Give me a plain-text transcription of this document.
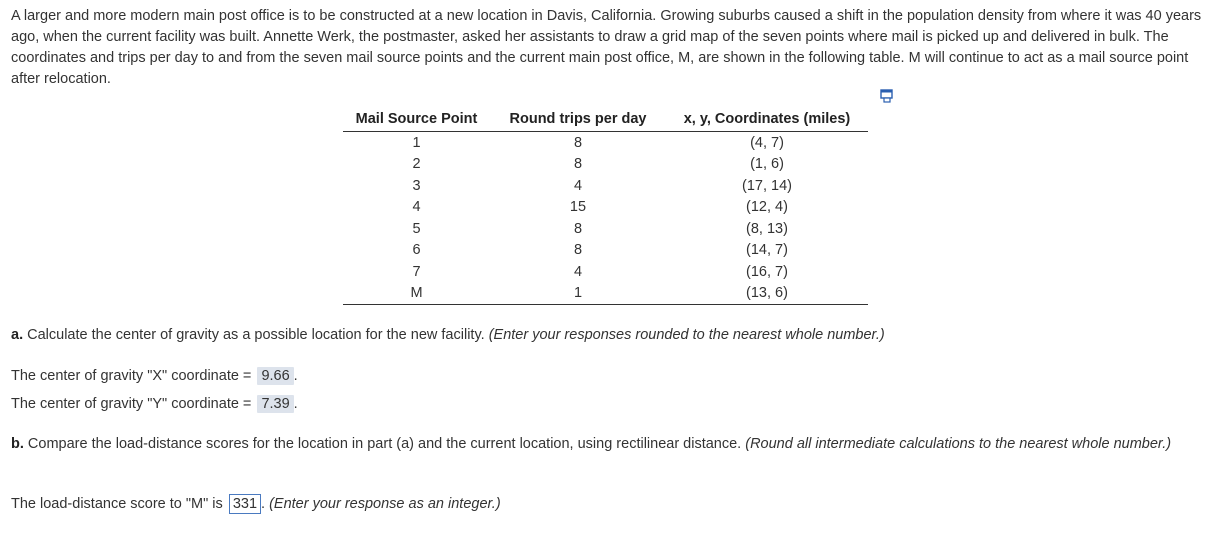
A larger and more modern main post office is to be constructed at a new location in Davis, California. Growing suburbs caused a shift in the population density from where it was 40 years ago, when the current facility was built. Annette Werk, the postmaster, asked her assistants to draw a grid map of the seven points where mail is picked up and delivered in bulk. The coordinates and trips per day to and from the seven mail source points and the current main post office, M, are shown in the following table. M will continue to act as a mail source point after relocation.

Mail Source Point	Round trips per day	x, y, Coordinates (miles)
1	8	(4, 7)
2	8	(1, 6)
3	4	(17, 14)
4	15	(12, 4)
5	8	(8, 13)
6	8	(14, 7)
7	4	(16, 7)
M	1	(13, 6)
a. Calculate the center of gravity as a possible location for the new facility. (Enter your responses rounded to the nearest whole number.)
The center of gravity "X" coordinate = 9.66 .
The center of gravity "Y" coordinate = 7.39 .
b. Compare the load-distance scores for the location in part (a) and the current location, using rectilinear distance. (Round all intermediate calculations to the nearest whole number.)
The load-distance score to "M" is 331 . (Enter your response as an integer.)
